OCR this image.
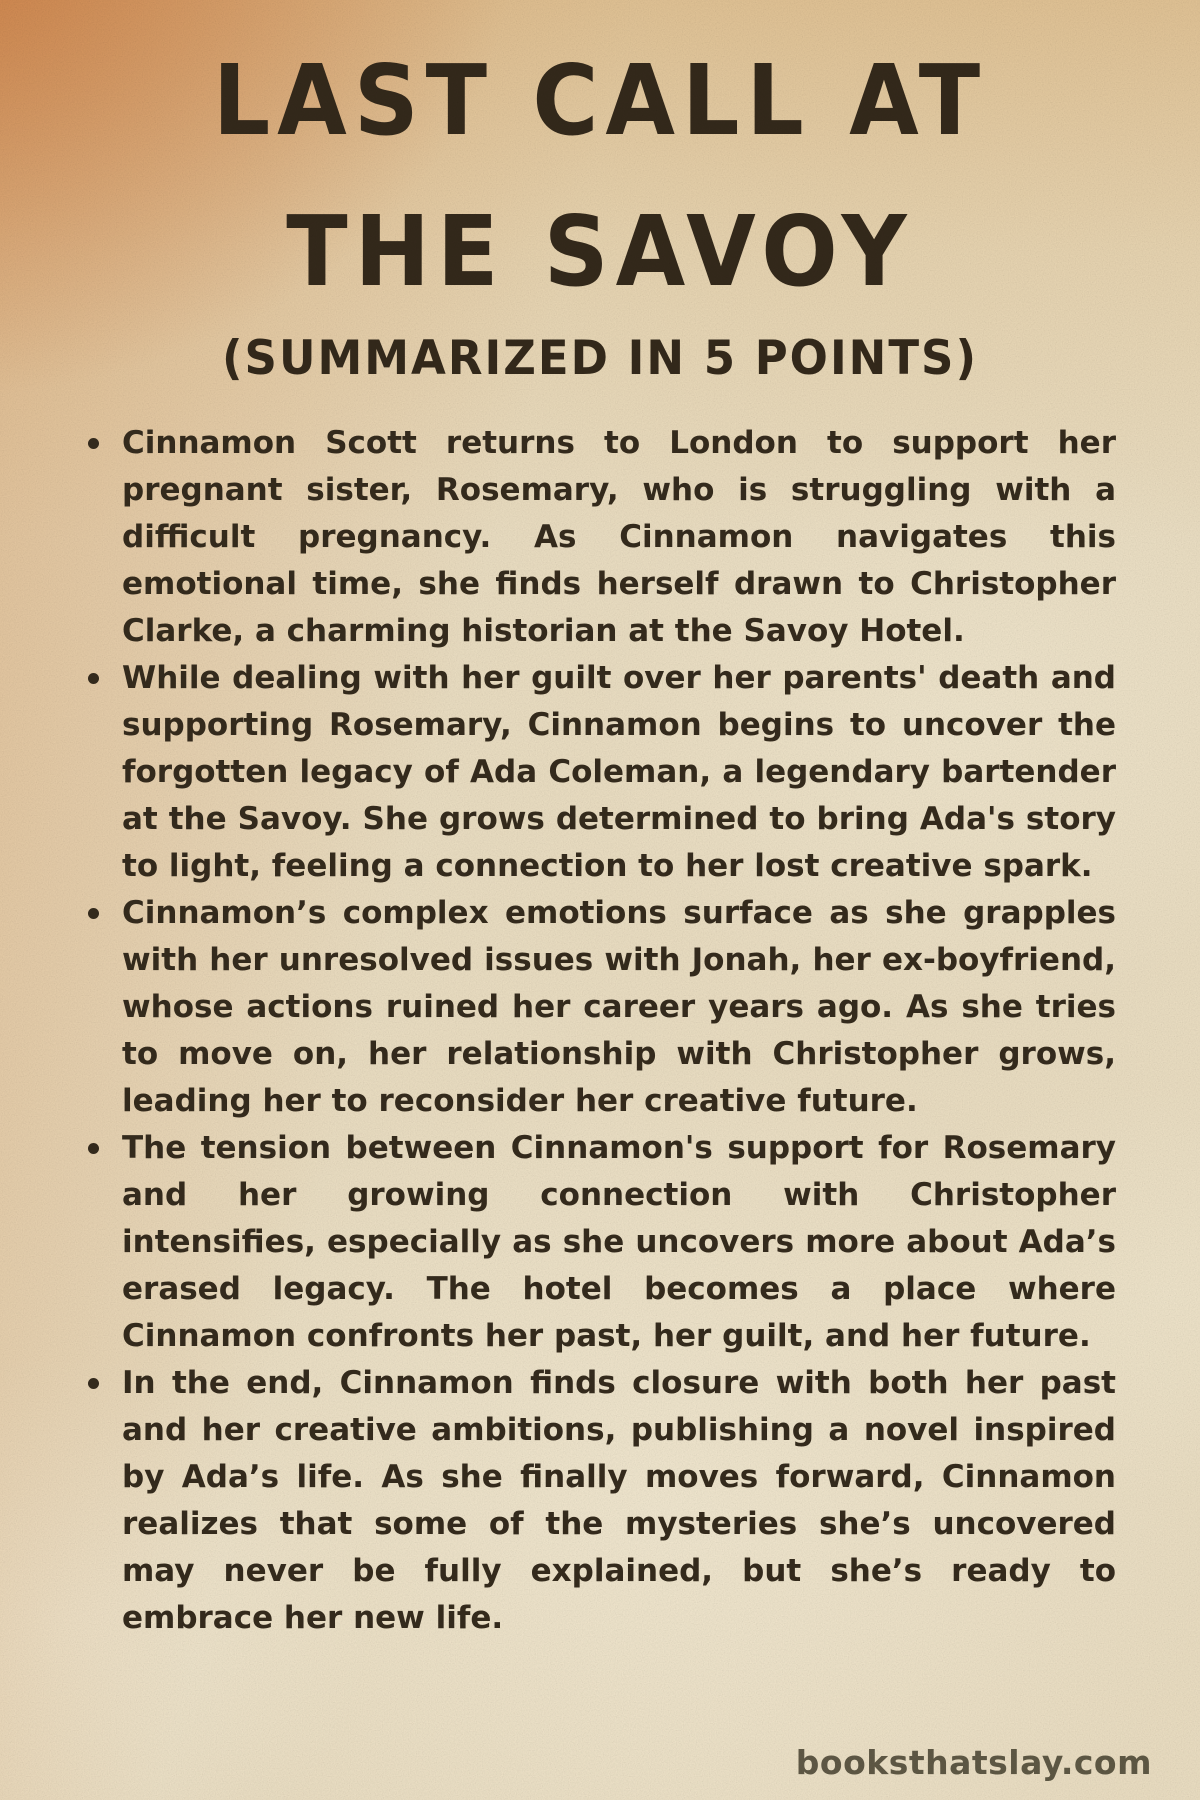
LAST CALL AT
THE SAVOY
(SUMMARIZED IN 5 POINTS)
Cinnamon Scott returns to London to support her pregnant sister, Rosemary, who is struggling with a difficult pregnancy. As Cinnamon navigates this emotional time, she finds herself drawn to Christopher Clarke, a charming historian at the Savoy Hotel.
While dealing with her guilt over her parents' death and supporting Rosemary, Cinnamon begins to uncover the forgotten legacy of Ada Coleman, a legendary bartender at the Savoy. She grows determined to bring Ada's story to light, feeling a connection to her lost creative spark.
Cinnamon’s complex emotions surface as she grapples with her unresolved issues with Jonah, her ex-boyfriend, whose actions ruined her career years ago. As she tries to move on, her relationship with Christopher grows, leading her to reconsider her creative future.
The tension between Cinnamon's support for Rosemary and her growing connection with Christopher intensifies, especially as she uncovers more about Ada’s erased legacy. The hotel becomes a place where Cinnamon confronts her past, her guilt, and her future.
In the end, Cinnamon finds closure with both her past and her creative ambitions, publishing a novel inspired by Ada’s life. As she finally moves forward, Cinnamon realizes that some of the mysteries she’s uncovered may never be fully explained, but she’s ready to embrace her new life.
booksthatslay.com
